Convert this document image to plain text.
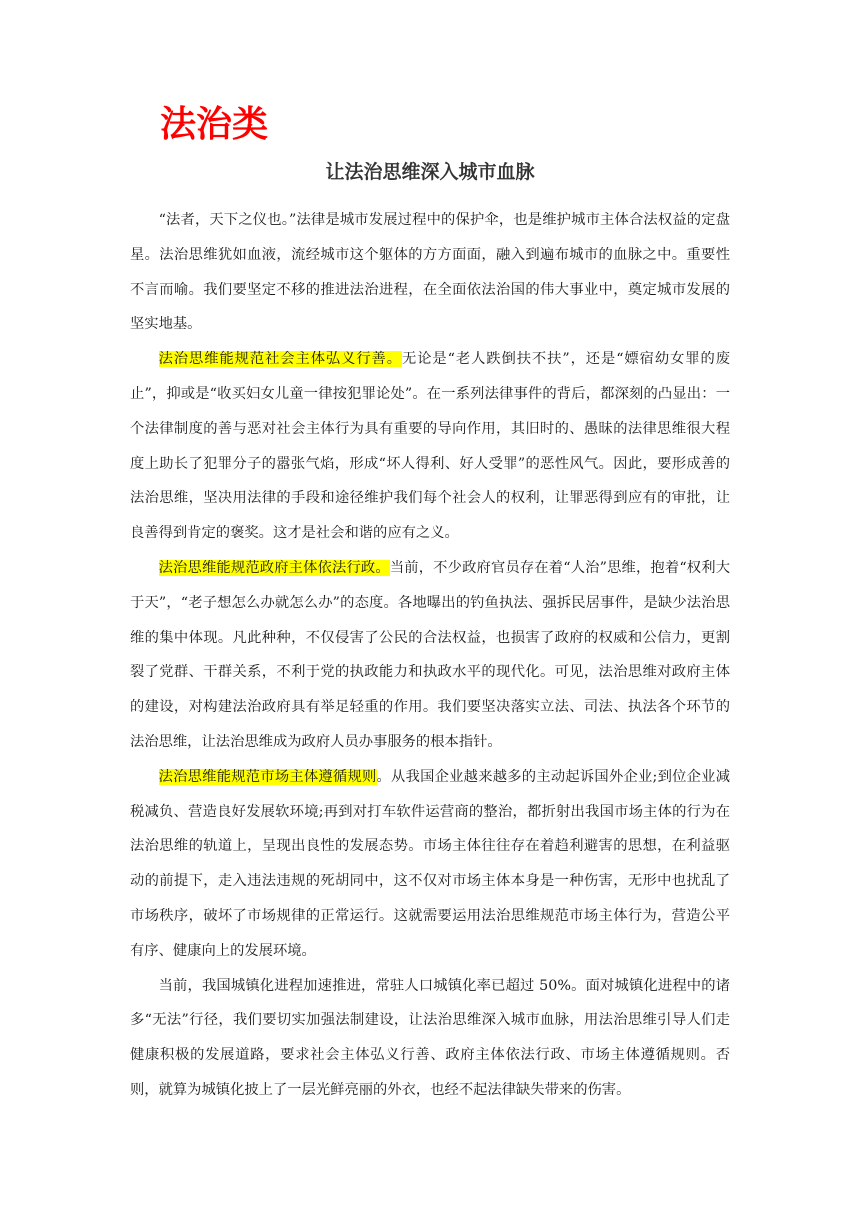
法治类
让法治思维深入城市血脉

“法者，天下之仪也。”法律是城市发展过程中的保护伞，也是维护城市主体合法权益的定盘星。法治思维犹如血液，流经城市这个躯体的方方面面，融入到遍布城市的血脉之中。重要性不言而喻。我们要坚定不移的推进法治进程，在全面依法治国的伟大事业中，奠定城市发展的坚实地基。

法治思维能规范社会主体弘义行善。无论是“老人跌倒扶不扶”，还是“嫖宿幼女罪的废止”，抑或是“收买妇女儿童一律按犯罪论处”。在一系列法律事件的背后，都深刻的凸显出：一个法律制度的善与恶对社会主体行为具有重要的导向作用，其旧时的、愚昧的法律思维很大程度上助长了犯罪分子的嚣张气焰，形成“坏人得利、好人受罪”的恶性风气。因此，要形成善的法治思维，坚决用法律的手段和途径维护我们每个社会人的权利，让罪恶得到应有的审批，让良善得到肯定的褒奖。这才是社会和谐的应有之义。

法治思维能规范政府主体依法行政。当前，不少政府官员存在着“人治”思维，抱着“权利大于天”，“老子想怎么办就怎么办”的态度。各地曝出的钓鱼执法、强拆民居事件，是缺少法治思维的集中体现。凡此种种，不仅侵害了公民的合法权益，也损害了政府的权威和公信力，更割裂了党群、干群关系，不利于党的执政能力和执政水平的现代化。可见，法治思维对政府主体的建设，对构建法治政府具有举足轻重的作用。我们要坚决落实立法、司法、执法各个环节的法治思维，让法治思维成为政府人员办事服务的根本指针。

法治思维能规范市场主体遵循规则。从我国企业越来越多的主动起诉国外企业;到位企业减税减负、营造良好发展软环境;再到对打车软件运营商的整治，都折射出我国市场主体的行为在法治思维的轨道上，呈现出良性的发展态势。市场主体往往存在着趋利避害的思想，在利益驱动的前提下，走入违法违规的死胡同中，这不仅对市场主体本身是一种伤害，无形中也扰乱了市场秩序，破坏了市场规律的正常运行。这就需要运用法治思维规范市场主体行为，营造公平有序、健康向上的发展环境。

当前，我国城镇化进程加速推进，常驻人口城镇化率已超过 50%。面对城镇化进程中的诸多“无法”行径，我们要切实加强法制建设，让法治思维深入城市血脉，用法治思维引导人们走健康积极的发展道路，要求社会主体弘义行善、政府主体依法行政、市场主体遵循规则。否则，就算为城镇化披上了一层光鲜亮丽的外衣，也经不起法律缺失带来的伤害。
